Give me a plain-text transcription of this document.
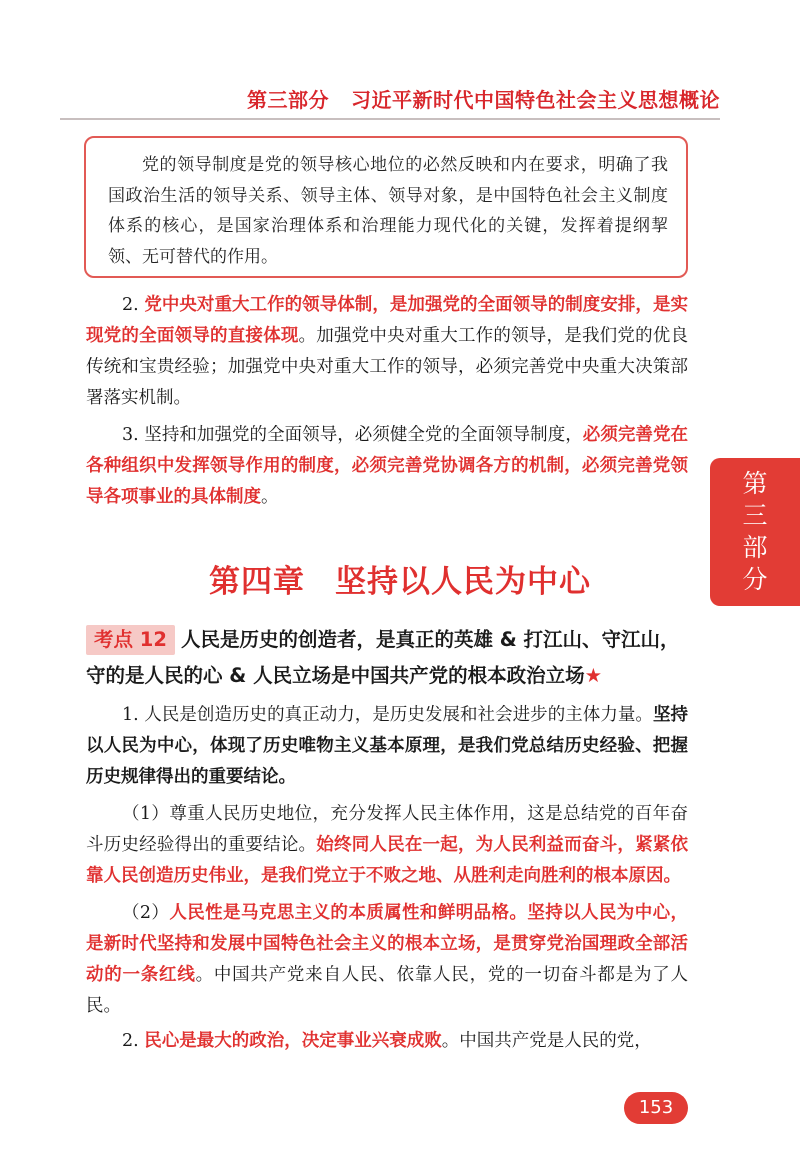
第三部分 习近平新时代中国特色社会主义思想概论

党的领导制度是党的领导核心地位的必然反映和内在要求，明确了我国政治生活的领导关系、领导主体、领导对象，是中国特色社会主义制度体系的核心，是国家治理体系和治理能力现代化的关键，发挥着提纲挈领、无可替代的作用。

2. 党中央对重大工作的领导体制，是加强党的全面领导的制度安排，是实现党的全面领导的直接体现。加强党中央对重大工作的领导，是我们党的优良传统和宝贵经验；加强党中央对重大工作的领导，必须完善党中央重大决策部署落实机制。

3. 坚持和加强党的全面领导，必须健全党的全面领导制度，必须完善党在各种组织中发挥领导作用的制度，必须完善党协调各方的机制，必须完善党领导各项事业的具体制度。

第四章 坚持以人民为中心
第
三
部
分
考点 12 人民是历史的创造者，是真正的英雄 & 打江山、守江山，守的是人民的心 & 人民立场是中国共产党的根本政治立场★

1. 人民是创造历史的真正动力，是历史发展和社会进步的主体力量。坚持以人民为中心，体现了历史唯物主义基本原理，是我们党总结历史经验、把握历史规律得出的重要结论。

（1）尊重人民历史地位，充分发挥人民主体作用，这是总结党的百年奋斗历史经验得出的重要结论。始终同人民在一起，为人民利益而奋斗，紧紧依靠人民创造历史伟业，是我们党立于不败之地、从胜利走向胜利的根本原因。

（2）人民性是马克思主义的本质属性和鲜明品格。坚持以人民为中心，是新时代坚持和发展中国特色社会主义的根本立场，是贯穿党治国理政全部活动的一条红线。中国共产党来自人民、依靠人民，党的一切奋斗都是为了人民。

2. 民心是最大的政治，决定事业兴衰成败。中国共产党是人民的党，

153
